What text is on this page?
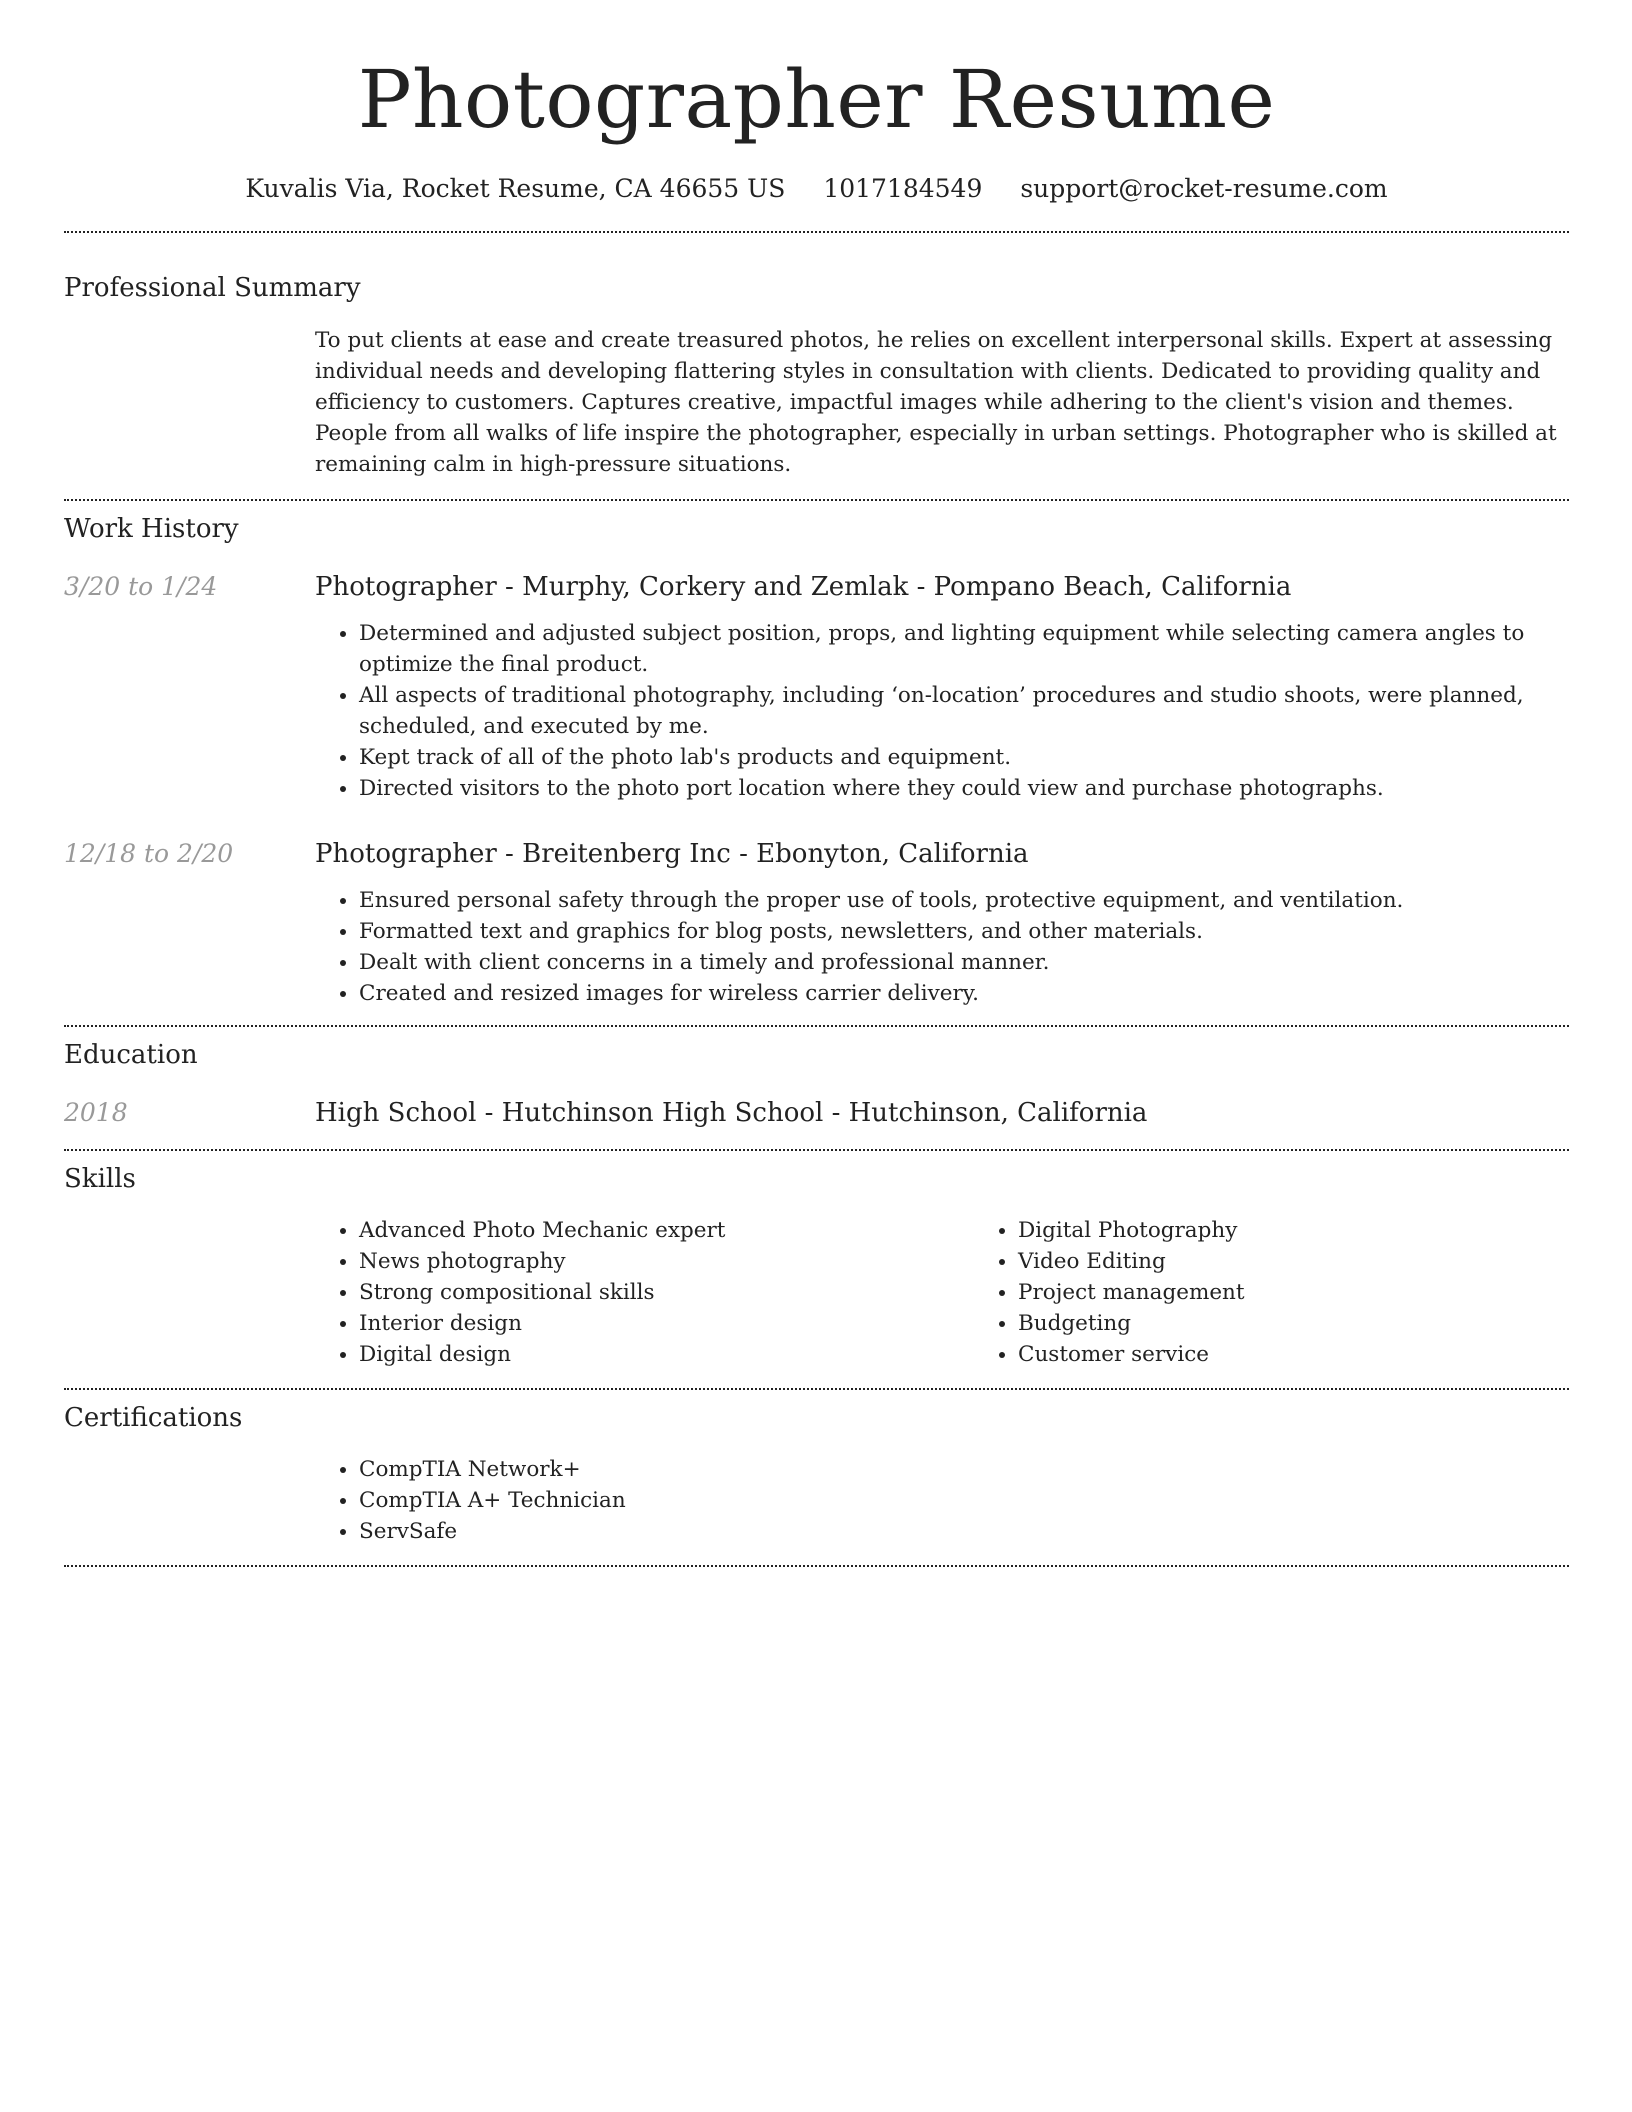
Photographer Resume
Kuvalis Via, Rocket Resume, CA 46655 US 1017184549 support@rocket-resume.com
Professional Summary

To put clients at ease and create treasured photos, he relies on excellent interpersonal skills. Expert at assessing individual needs and developing flattering styles in consultation with clients. Dedicated to providing quality and efficiency to customers. Captures creative, impactful images while adhering to the client's vision and themes. People from all walks of life inspire the photographer, especially in urban settings. Photographer who is skilled at remaining calm in high-pressure situations.

Work History
3/20 to 1/24	Photographer - Murphy, Corkery and Zemlak - Pompano Beach, California
• Determined and adjusted subject position, props, and lighting equipment while selecting camera angles to optimize the final product.
• All aspects of traditional photography, including ‘on-location’ procedures and studio shoots, were planned, scheduled, and executed by me.
• Kept track of all of the photo lab's products and equipment.
• Directed visitors to the photo port location where they could view and purchase photographs.
12/18 to 2/20	Photographer - Breitenberg Inc - Ebonyton, California
• Ensured personal safety through the proper use of tools, protective equipment, and ventilation.
• Formatted text and graphics for blog posts, newsletters, and other materials.
• Dealt with client concerns in a timely and professional manner.
• Created and resized images for wireless carrier delivery.
Education
2018	High School - Hutchinson High School - Hutchinson, California
Skills
• Advanced Photo Mechanic expert
• News photography
• Strong compositional skills
• Interior design
• Digital design
• Digital Photography
• Video Editing
• Project management
• Budgeting
• Customer service
Certifications
• CompTIA Network+
• CompTIA A+ Technician
• ServSafe
